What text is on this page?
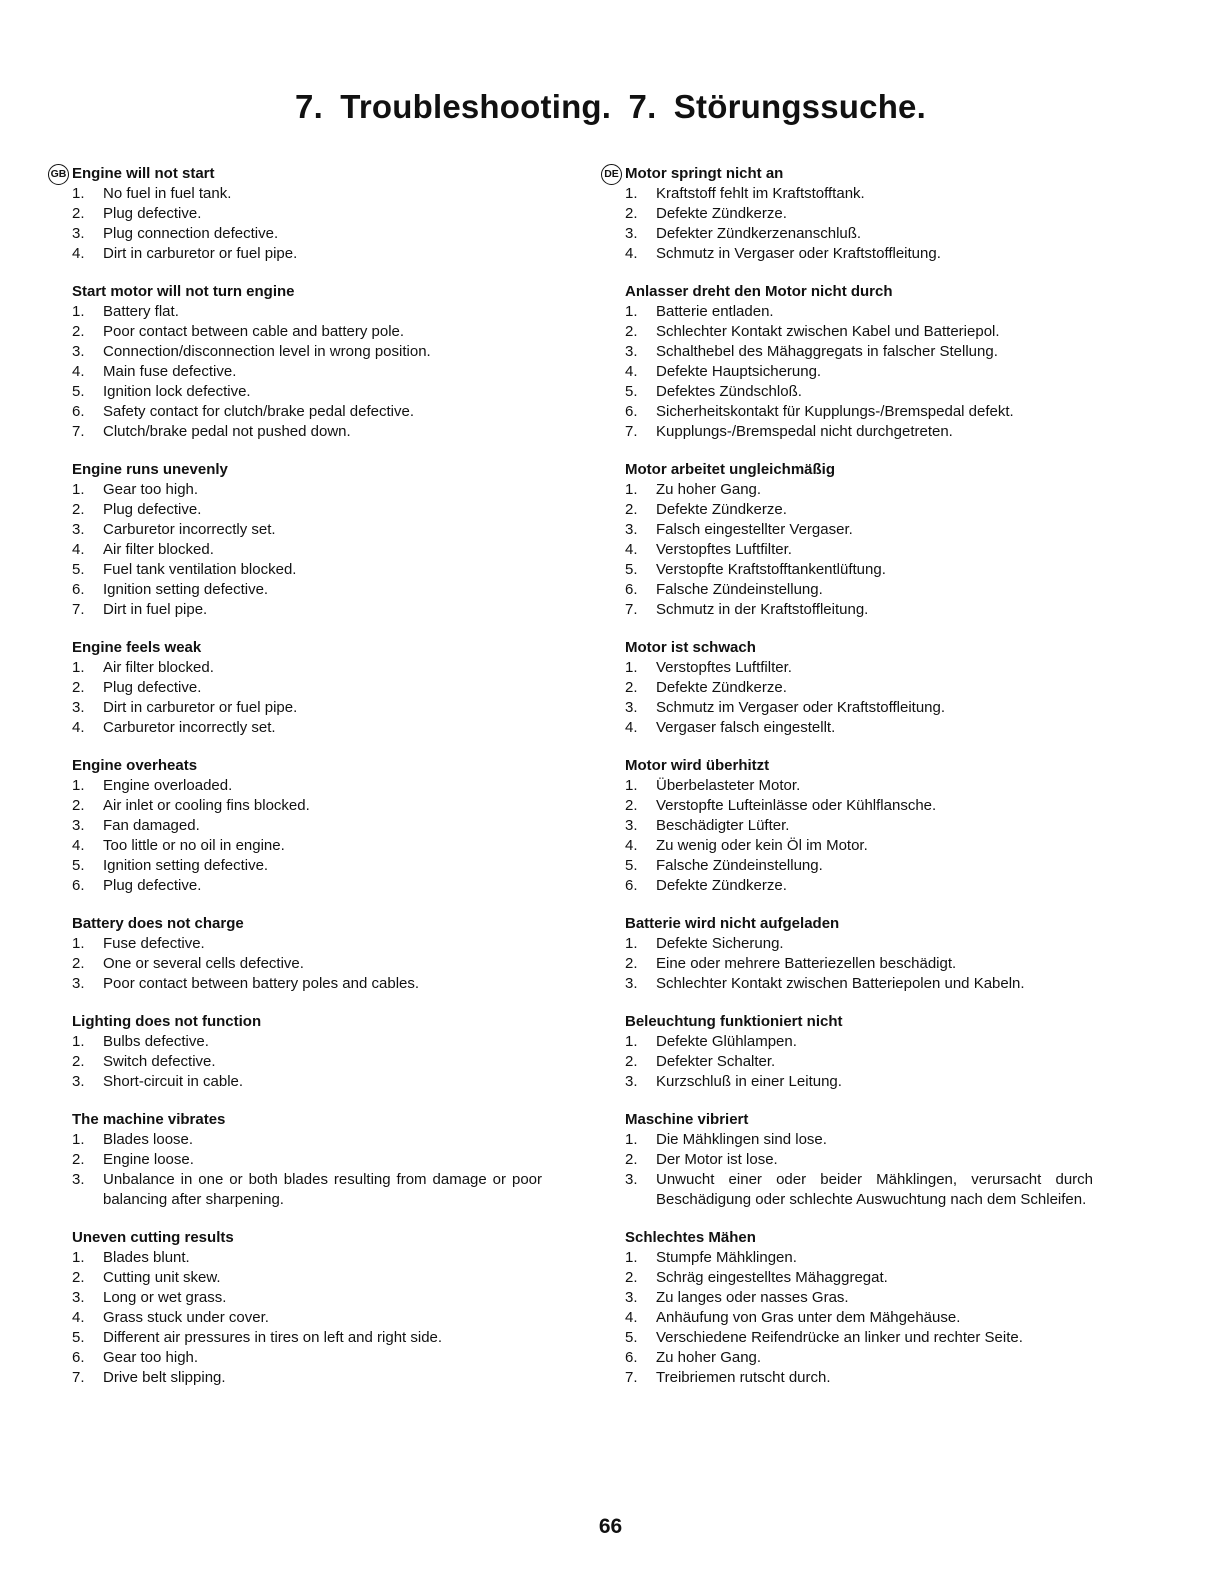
7. Troubleshooting. 7. Störungssuche.
GB Engine will not start
1.	No fuel in fuel tank.
2.	Plug defective.
3.	Plug connection defective.
4.	Dirt in carburetor or fuel pipe.
Start motor will not turn engine
1.	Battery flat.
2.	Poor contact between cable and battery pole.
3.	Connection/disconnection level in wrong position.
4.	Main fuse defective.
5.	Ignition lock defective.
6.	Safety contact for clutch/brake pedal defective.
7.	Clutch/brake pedal not pushed down.
Engine runs unevenly
1.	Gear too high.
2.	Plug defective.
3.	Carburetor incorrectly set.
4.	Air filter blocked.
5.	Fuel tank ventilation blocked.
6.	Ignition setting defective.
7.	Dirt in fuel pipe.
Engine feels weak
1.	Air filter blocked.
2.	Plug defective.
3.	Dirt in carburetor or fuel pipe.
4.	Carburetor incorrectly set.
Engine overheats
1.	Engine overloaded.
2.	Air inlet or cooling fins blocked.
3.	Fan damaged.
4.	Too little or no oil in engine.
5.	Ignition setting defective.
6.	Plug defective.
Battery does not charge
1.	Fuse defective.
2.	One or several cells defective.
3.	Poor contact between battery poles and cables.
Lighting does not function
1.	Bulbs defective.
2.	Switch defective.
3.	Short-circuit in cable.
The machine vibrates
1.	Blades loose.
2.	Engine loose.
3.	Unbalance in one or both blades resulting from damage or poor balancing after sharpening.
Uneven cutting results
1.	Blades blunt.
2.	Cutting unit skew.
3.	Long or wet grass.
4.	Grass stuck under cover.
5.	Different air pressures in tires on left and right side.
6.	Gear too high.
7.	Drive belt slipping.
DE Motor springt nicht an
1.	Kraftstoff fehlt im Kraftstofftank.
2.	Defekte Zündkerze.
3.	Defekter Zündkerzenanschluß.
4.	Schmutz in Vergaser oder Kraftstoffleitung.
Anlasser dreht den Motor nicht durch
1.	Batterie entladen.
2.	Schlechter Kontakt zwischen Kabel und Batteriepol.
3.	Schalthebel des Mähaggregats in falscher Stellung.
4.	Defekte Hauptsicherung.
5.	Defektes Zündschloß.
6.	Sicherheitskontakt für Kupplungs-/Bremspedal defekt.
7.	Kupplungs-/Bremspedal nicht durchgetreten.
Motor arbeitet ungleichmäßig
1.	Zu hoher Gang.
2.	Defekte Zündkerze.
3.	Falsch eingestellter Vergaser.
4.	Verstopftes Luftfilter.
5.	Verstopfte Kraftstofftankentlüftung.
6.	Falsche Zündeinstellung.
7.	Schmutz in der Kraftstoffleitung.
Motor ist schwach
1.	Verstopftes Luftfilter.
2.	Defekte Zündkerze.
3.	Schmutz im Vergaser oder Kraftstoffleitung.
4.	Vergaser falsch eingestellt.
Motor wird überhitzt
1.	Überbelasteter Motor.
2.	Verstopfte Lufteinlässe oder Kühlflansche.
3.	Beschädigter Lüfter.
4.	Zu wenig oder kein Öl im Motor.
5.	Falsche Zündeinstellung.
6.	Defekte Zündkerze.
Batterie wird nicht aufgeladen
1.	Defekte Sicherung.
2.	Eine oder mehrere Batteriezellen beschädigt.
3.	Schlechter Kontakt zwischen Batteriepolen und Kabeln.
Beleuchtung funktioniert nicht
1.	Defekte Glühlampen.
2.	Defekter Schalter.
3.	Kurzschluß in einer Leitung.
Maschine vibriert
1.	Die Mähklingen sind lose.
2.	Der Motor ist lose.
3.	Unwucht einer oder beider Mähklingen, verursacht durch Beschädigung oder schlechte Auswuchtung nach dem Schleifen.
Schlechtes Mähen
1.	Stumpfe Mähklingen.
2.	Schräg eingestelltes Mähaggregat.
3.	Zu langes oder nasses Gras.
4.	Anhäufung von Gras unter dem Mähgehäuse.
5.	Verschiedene Reifendrücke an linker und rechter Seite.
6.	Zu hoher Gang.
7.	Treibriemen rutscht durch.
66
